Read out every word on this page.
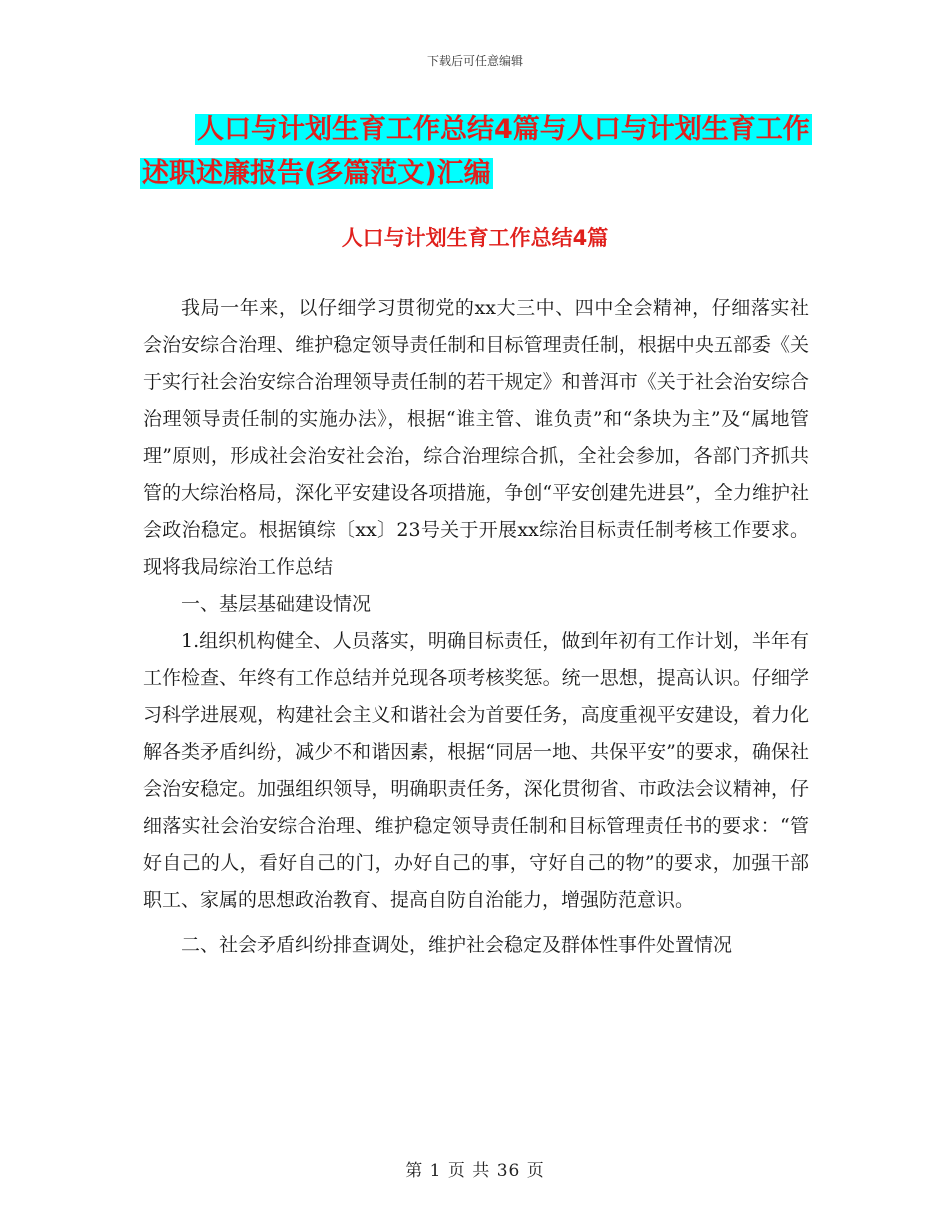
下载后可任意编辑
人口与计划生育工作总结4篇与人口与计划生育工作
述职述廉报告(多篇范文)汇编
人口与计划生育工作总结4篇

我局一年来，以仔细学习贯彻党的xx大三中、四中全会精神，仔细落实社会治安综合治理、维护稳定领导责任制和目标管理责任制，根据中央五部委《关于实行社会治安综合治理领导责任制的若干规定》和普洱市《关于社会治安综合治理领导责任制的实施办法》，根据“谁主管、谁负责”和“条块为主”及“属地管理”原则，形成社会治安社会治，综合治理综合抓，全社会参加，各部门齐抓共管的大综治格局，深化平安建设各项措施，争创“平安创建先进县”，全力维护社会政治稳定。根据镇综〔xx〕23号关于开展xx综治目标责任制考核工作要求。现将我局综治工作总结

一、基层基础建设情况

1.组织机构健全、人员落实，明确目标责任，做到年初有工作计划，半年有工作检查、年终有工作总结并兑现各项考核奖惩。统一思想，提高认识。仔细学习科学进展观，构建社会主义和谐社会为首要任务，高度重视平安建设，着力化解各类矛盾纠纷，减少不和谐因素，根据“同居一地、共保平安”的要求，确保社会治安稳定。加强组织领导，明确职责任务，深化贯彻省、市政法会议精神，仔细落实社会治安综合治理、维护稳定领导责任制和目标管理责任书的要求：“管好自己的人，看好自己的门，办好自己的事，守好自己的物”的要求，加强干部职工、家属的思想政治教育、提高自防自治能力，增强防范意识。

二、社会矛盾纠纷排查调处，维护社会稳定及群体性事件处置情况

第 1 页 共 36 页
